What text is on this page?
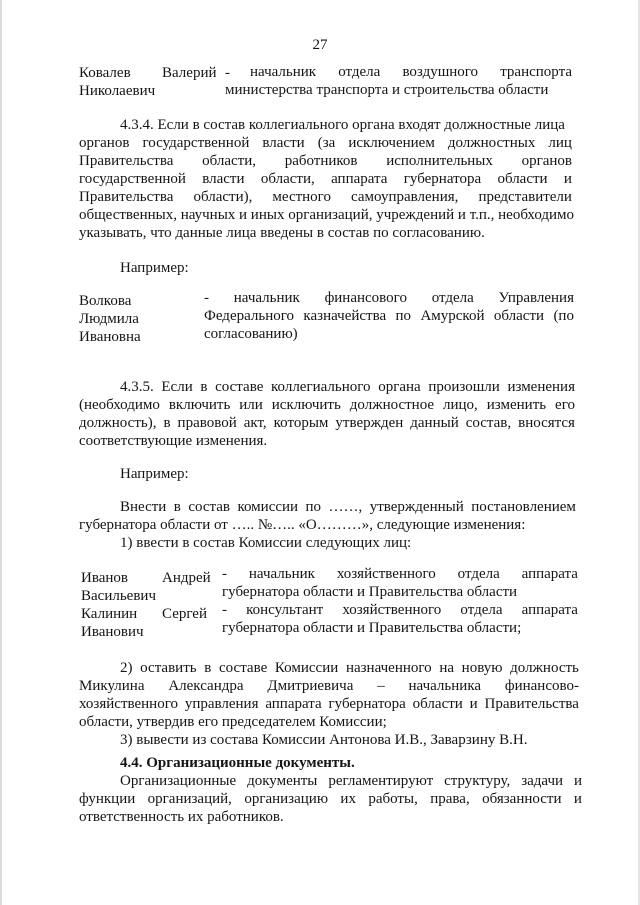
27
Ковалев Валерий -
Николаевич
начальник отдела воздушного транспорта
министерства транспорта и строительства области
4.3.4. Если в состав коллегиального органа входят должностные лица
органов государственной власти (за исключением должностных лиц
Правительства области, работников исполнительных органов
государственной власти области, аппарата губернатора области и
Правительства области), местного самоуправления, представители
общественных, научных и иных организаций, учреждений и т.п., необходимо
указывать, что данные лица введены в состав по согласованию.
Например:
Волкова
Людмила
Ивановна
- начальник финансового отдела Управления
Федерального казначейства по Амурской области (по
согласованию)
4.3.5. Если в составе коллегиального органа произошли изменения
(необходимо включить или исключить должностное лицо, изменить его
должность), в правовой акт, которым утвержден данный состав, вносятся
соответствующие изменения.
Например:
Внести в состав комиссии по ……, утвержденный постановлением
губернатора области от ….. №….. «О………», следующие изменения:
1) ввести в состав Комиссии следующих лиц:
Иванов Андрей
Васильевич
- начальник хозяйственного отдела аппарата
губернатора области и Правительства области
Калинин Сергей
Иванович
- консультант хозяйственного отдела аппарата
губернатора области и Правительства области;
2) оставить в составе Комиссии назначенного на новую должность
Микулина Александра Дмитриевича – начальника финансово-
хозяйственного управления аппарата губернатора области и Правительства
области, утвердив его председателем Комиссии;
3) вывести из состава Комиссии Антонова И.В., Заварзину В.Н.
4.4. Организационные документы.
Организационные документы регламентируют структуру, задачи и
функции организаций, организацию их работы, права, обязанности и
ответственность их работников.
